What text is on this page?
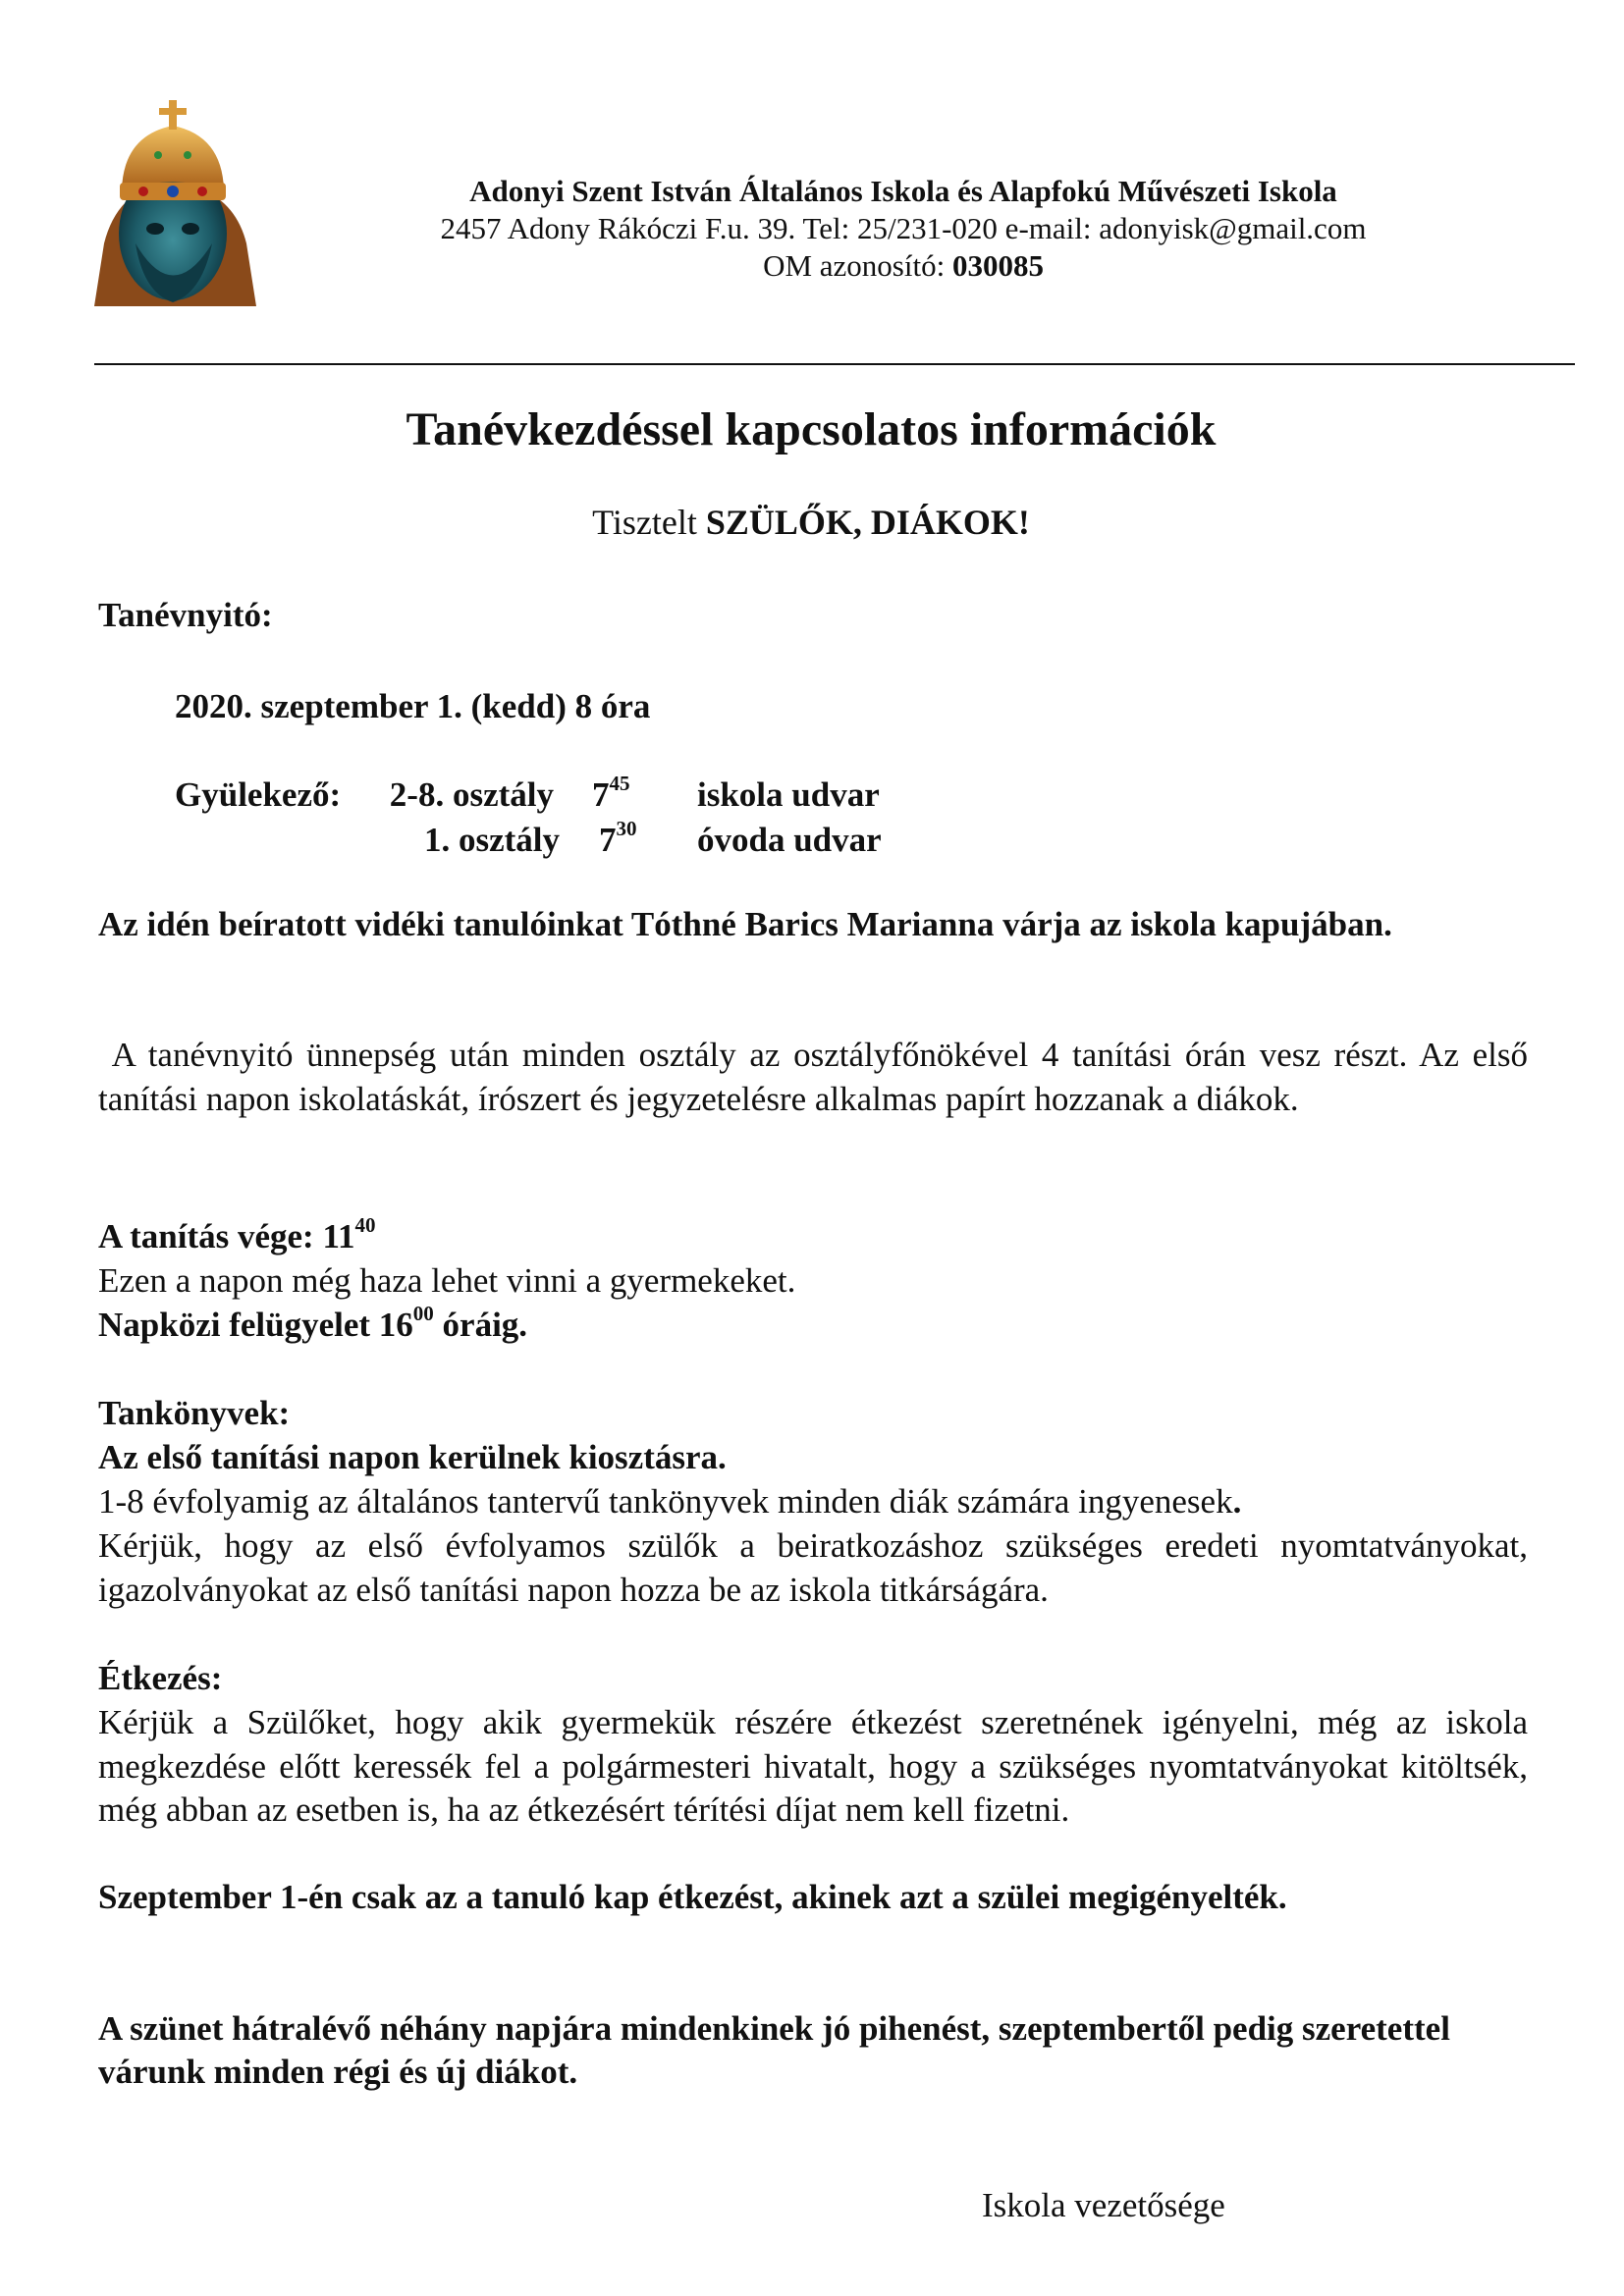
Adonyi Szent István Általános Iskola és Alapfokú Művészeti Iskola
2457 Adony Rákóczi F.u. 39. Tel: 25/231-020 e-mail: adonyisk@gmail.com
OM azonosító: 030085
Tanévkezdéssel kapcsolatos információk
Tisztelt SZÜLŐK, DIÁKOK!
Tanévnyitó:
2020. szeptember 1. (kedd) 8 óra
Gyülekező:	2-8. osztály $7^{45}$ iskola udvar
1. osztály $7^{30}$ óvoda udvar
Az idén beíratott vidéki tanulóinkat Tóthné Barics Marianna várja az iskola kapujában.
A tanévnyitó ünnepség után minden osztály az osztályfőnökével 4 tanítási órán vesz részt. Az első tanítási napon iskolatáskát, írószert és jegyzetelésre alkalmas papírt hozzanak a diákok.
A tanítás vége: $11^{40}$
Ezen a napon még haza lehet vinni a gyermekeket.
Napközi felügyelet $16^{00}$ óráig.
Tankönyvek:
Az első tanítási napon kerülnek kiosztásra.
1-8 évfolyamig az általános tantervű tankönyvek minden diák számára ingyenesek.
Kérjük, hogy az első évfolyamos szülők a beiratkozáshoz szükséges eredeti nyomtatványokat, igazolványokat az első tanítási napon hozza be az iskola titkárságára.
Étkezés:
Kérjük a Szülőket, hogy akik gyermekük részére étkezést szeretnének igényelni, még az iskola megkezdése előtt keressék fel a polgármesteri hivatalt, hogy a szükséges nyomtatványokat kitöltsék, még abban az esetben is, ha az étkezésért térítési díjat nem kell fizetni.
Szeptember 1-én csak az a tanuló kap étkezést, akinek azt a szülei megigényelték.
A szünet hátralévő néhány napjára mindenkinek jó pihenést, szeptembertől pedig szeretettel várunk minden régi és új diákot.
Iskola vezetősége
